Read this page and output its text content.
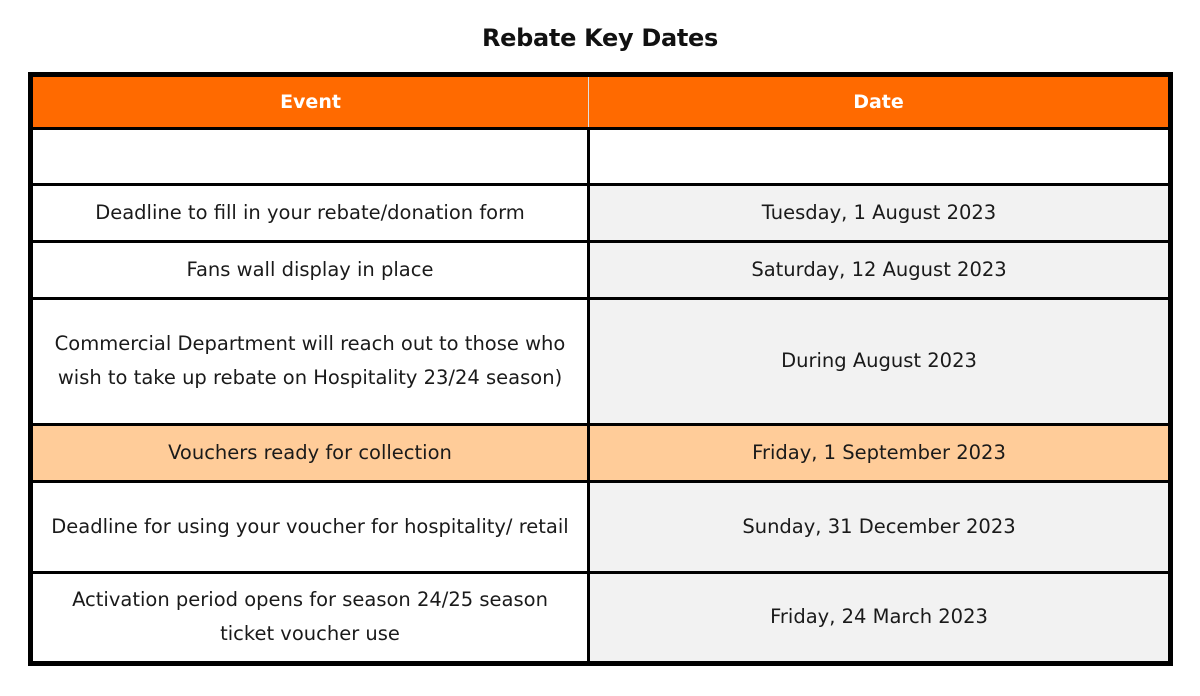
Rebate Key Dates
Event	Date

Deadline to fill in your rebate/donation form	Tuesday, 1 August 2023
Fans wall display in place	Saturday, 12 August 2023
Commercial Department will reach out to those who wish to take up rebate on Hospitality 23/24 season)	During August 2023
Vouchers ready for collection	Friday, 1 September 2023
Deadline for using your voucher for hospitality/ retail	Sunday, 31 December 2023
Activation period opens for season 24/25 season ticket voucher use	Friday, 24 March 2023
